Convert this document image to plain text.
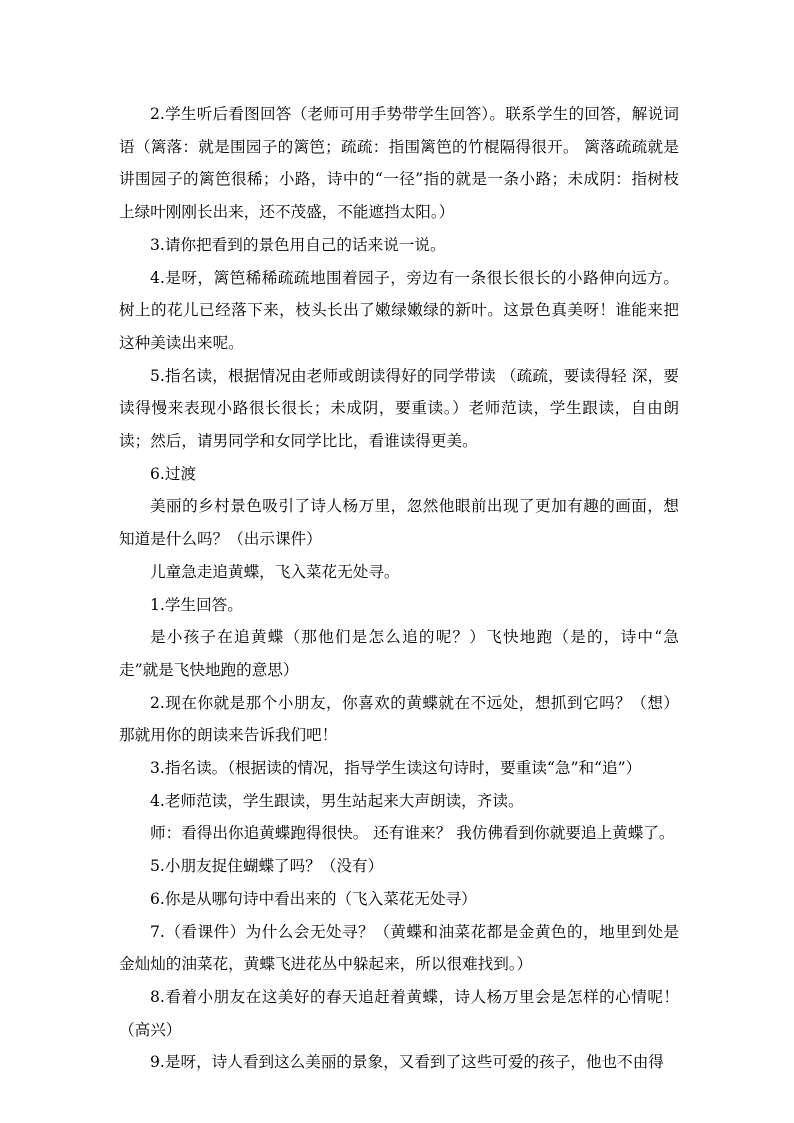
2.学生听后看图回答（老师可用手势带学生回答）。联系学生的回答，解说词语（篱落：就是围园子的篱笆；疏疏：指围篱笆的竹棍隔得很开。 篱落疏疏就是讲围园子的篱笆很稀；小路，诗中的“一径”指的就是一条小路；未成阴：指树枝上绿叶刚刚长出来，还不茂盛，不能遮挡太阳。）

3.请你把看到的景色用自己的话来说一说。

4.是呀，篱笆稀稀疏疏地围着园子，旁边有一条很长很长的小路伸向远方。树上的花儿已经落下来，枝头长出了嫩绿嫩绿的新叶。这景色真美呀！谁能来把这种美读出来呢。

5.指名读，根据情况由老师或朗读得好的同学带读 （疏疏，要读得轻 深，要读得慢来表现小路很长很长；未成阴，要重读。）老师范读，学生跟读，自由朗读；然后，请男同学和女同学比比，看谁读得更美。

6.过渡

美丽的乡村景色吸引了诗人杨万里，忽然他眼前出现了更加有趣的画面，想知道是什么吗？（出示课件）

儿童急走追黄蝶，飞入菜花无处寻。

1.学生回答。

是小孩子在追黄蝶（那他们是怎么追的呢？）飞快地跑（是的，诗中“急走”就是飞快地跑的意思）

2.现在你就是那个小朋友，你喜欢的黄蝶就在不远处，想抓到它吗？（想）那就用你的朗读来告诉我们吧！

3.指名读。（根据读的情况，指导学生读这句诗时，要重读“急”和“追”）

4.老师范读，学生跟读，男生站起来大声朗读，齐读。

师：看得出你追黄蝶跑得很快。 还有谁来？ 我仿佛看到你就要追上黄蝶了。

5.小朋友捉住蝴蝶了吗？（没有）

6.你是从哪句诗中看出来的（飞入菜花无处寻）

7.（看课件）为什么会无处寻？（黄蝶和油菜花都是金黄色的，地里到处是金灿灿的油菜花，黄蝶飞进花丛中躲起来，所以很难找到。）

8.看着小朋友在这美好的春天追赶着黄蝶，诗人杨万里会是怎样的心情呢！（高兴）

9.是呀，诗人看到这么美丽的景象，又看到了这些可爱的孩子，他也不由得
